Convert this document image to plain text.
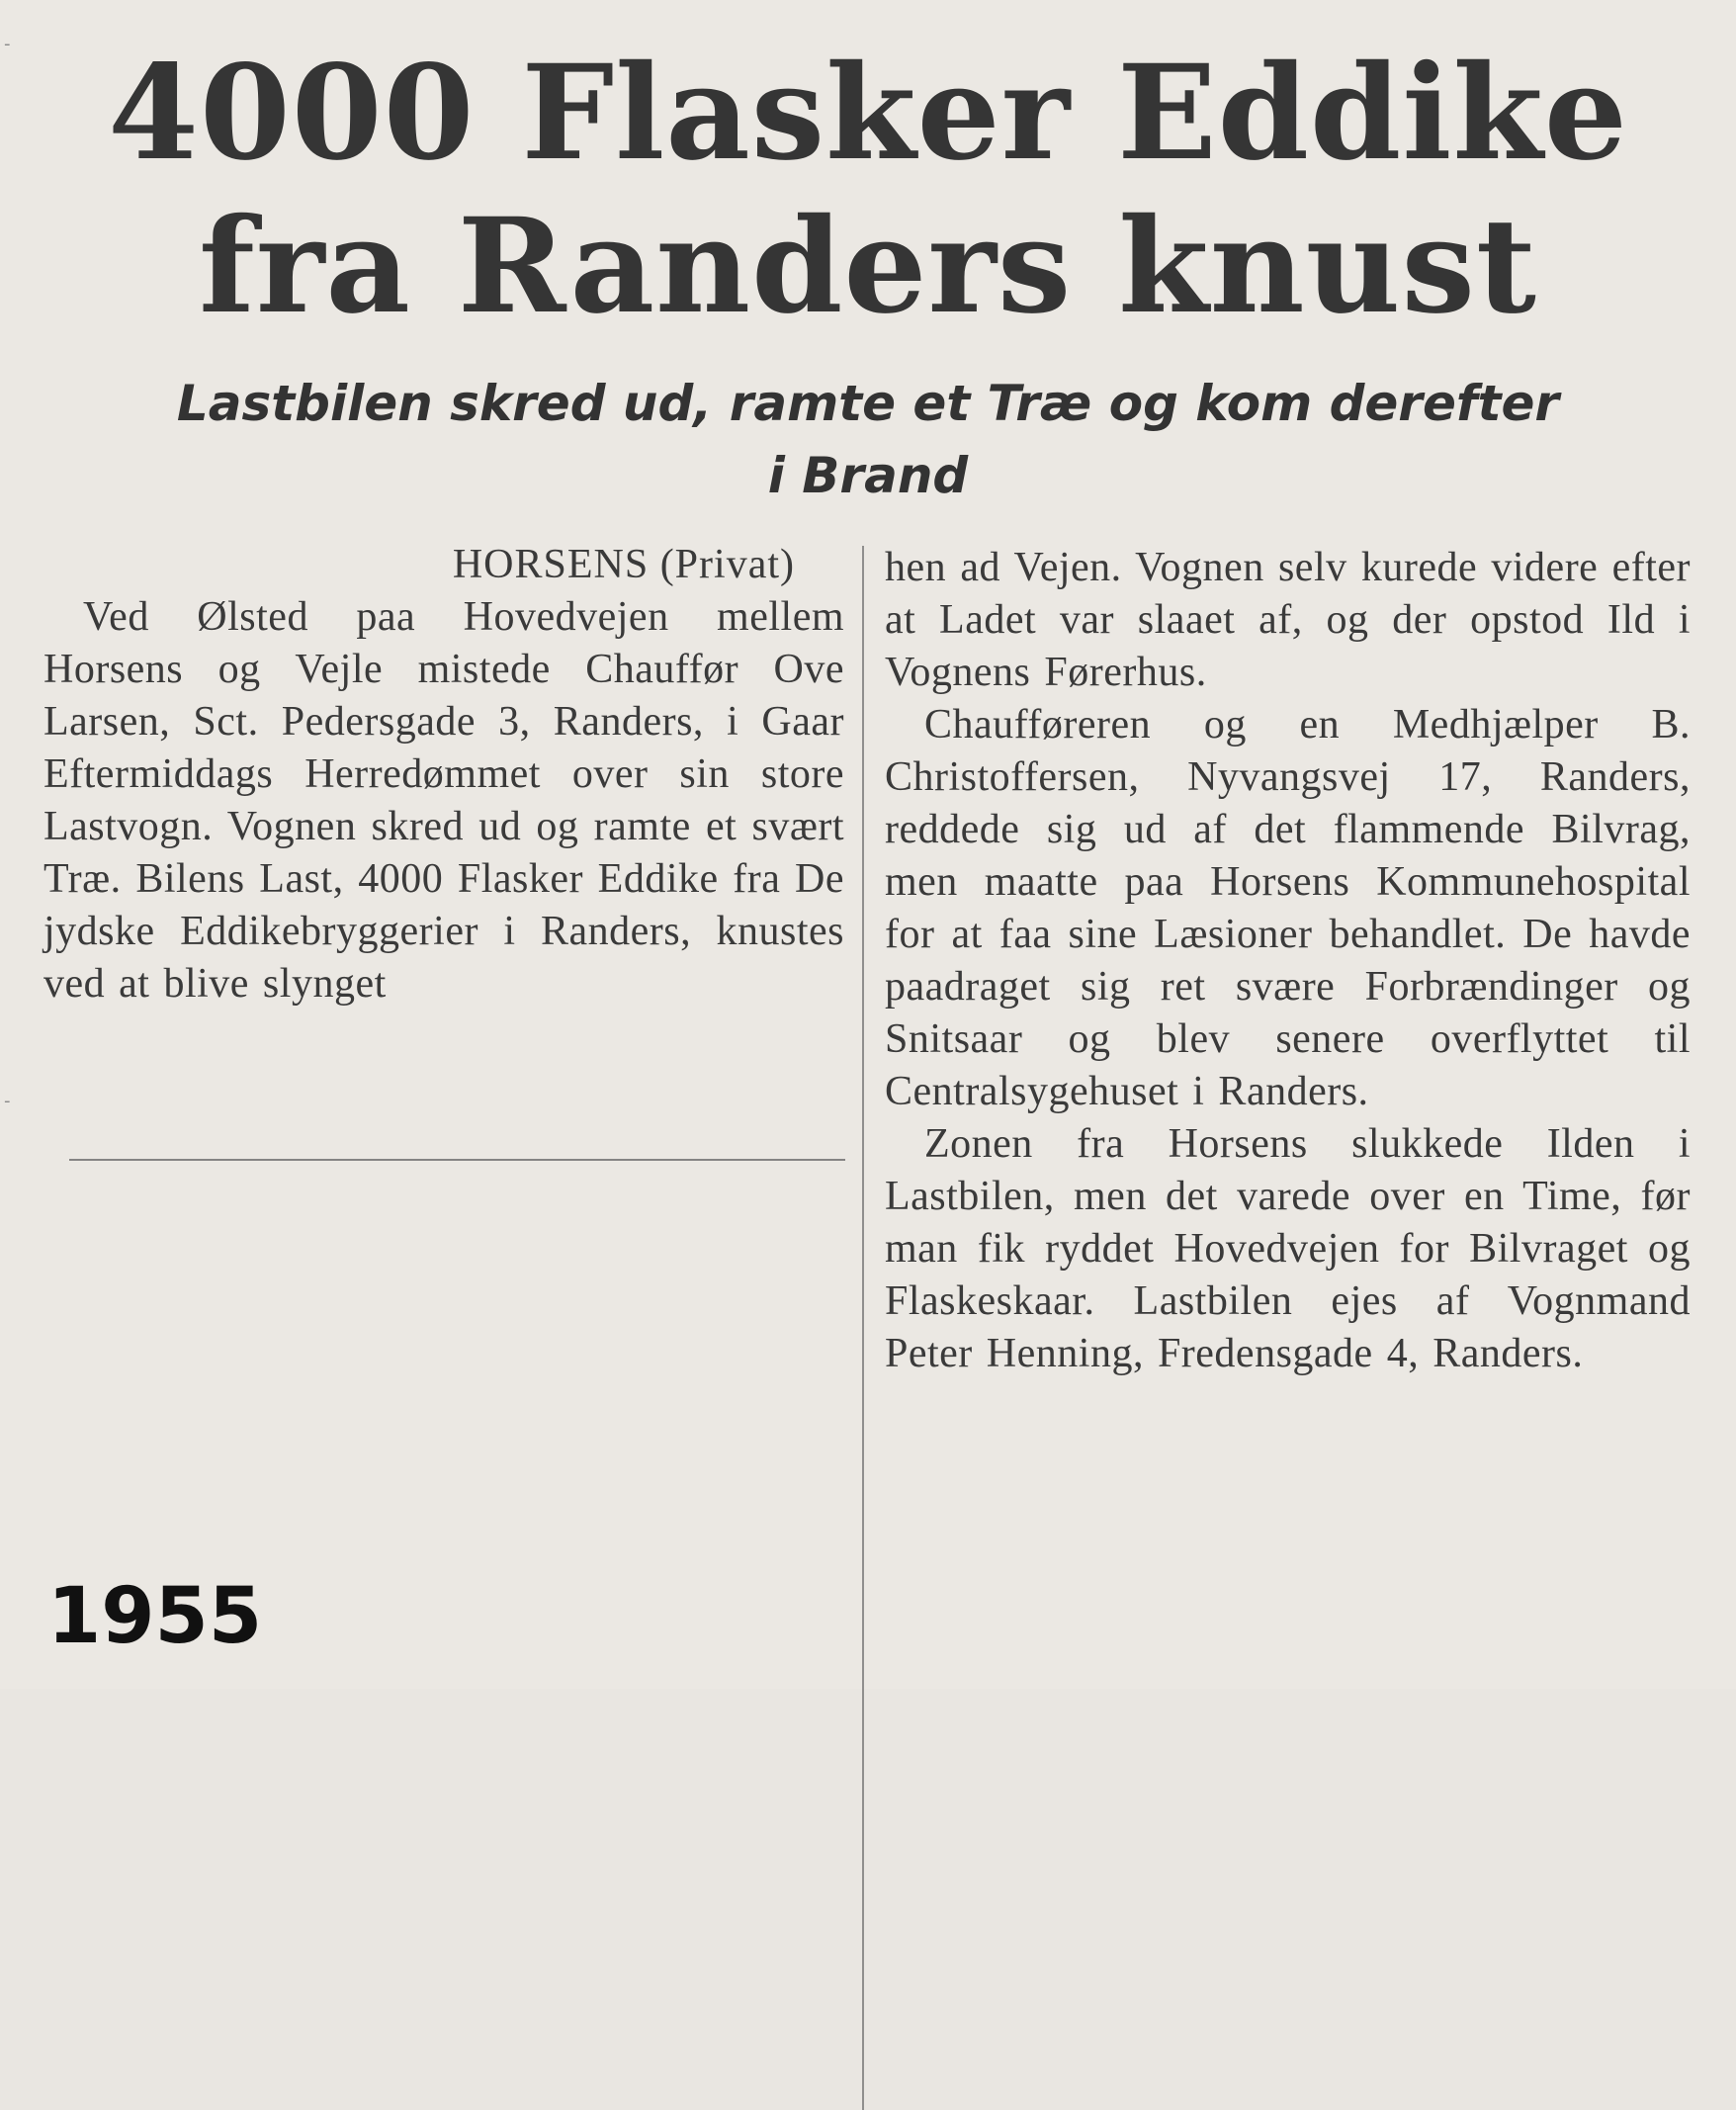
-
-
4000 Flasker Eddike
fra Randers knust
Lastbilen skred ud, ramte et Træ og kom derefter
i Brand
HORSENS (Privat)

Ved Ølsted paa Hovedvejen mellem Horsens og Vejle mistede Chauffør Ove Larsen, Sct. Pedersgade 3, Randers, i Gaar Eftermiddags Herredømmet over sin store Lastvogn. Vognen skred ud og ramte et svært Træ. Bilens Last, 4000 Flasker Eddike fra De jydske Eddikebryggerier i Randers, knustes ved at blive slynget

hen ad Vejen. Vognen selv kurede videre efter at Ladet var slaaet af, og der opstod Ild i Vognens Førerhus.

Chaufføreren og en Medhjælper B. Christoffersen, Nyvangsvej 17, Randers, reddede sig ud af det flammende Bilvrag, men maatte paa Horsens Kommunehospital for at faa sine Læsioner behandlet. De havde paadraget sig ret svære Forbrændinger og Snitsaar og blev senere overflyttet til Centralsygehuset i Randers.

Zonen fra Horsens slukkede Ilden i Lastbilen, men det varede over en Time, før man fik ryddet Hovedvejen for Bilvraget og Flaskeskaar. Lastbilen ejes af Vognmand Peter Henning, Fredensgade 4, Randers.

1955
